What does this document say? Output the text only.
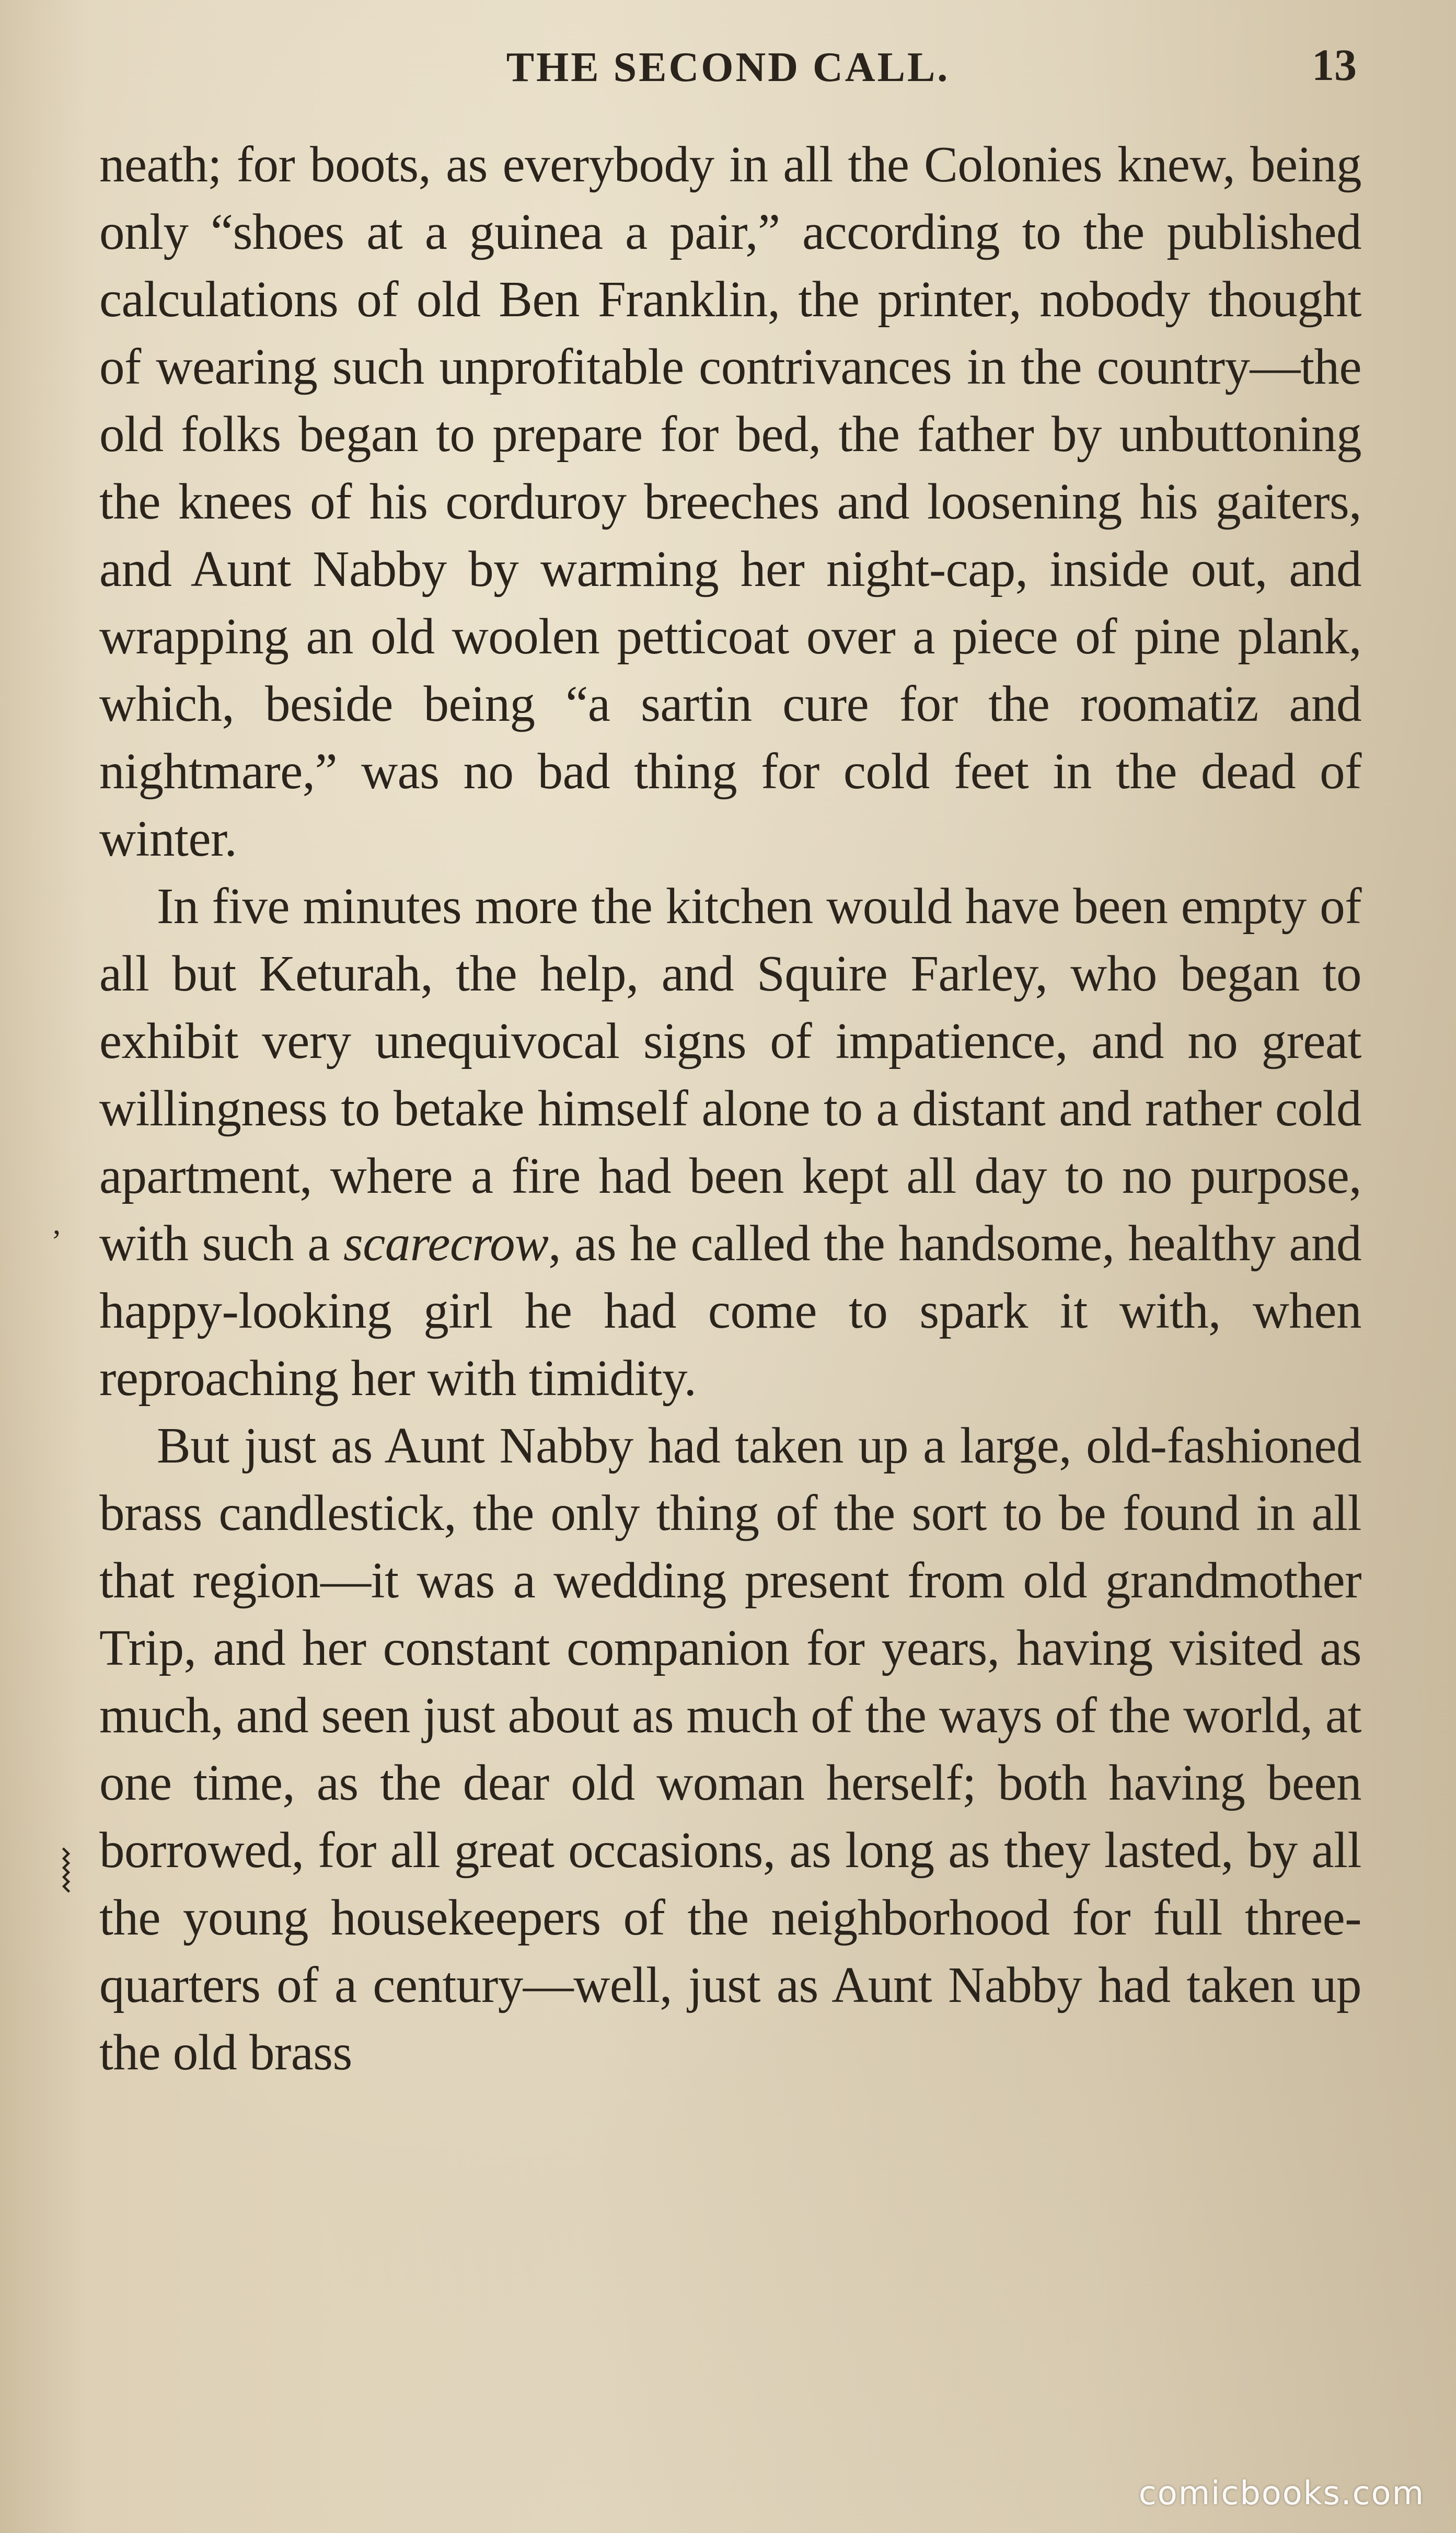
THE SECOND CALL.	13

neath; for boots, as everybody in all the Colonies knew, being only “shoes at a guinea a pair,” according to the published calculations of old Ben Franklin, the printer, nobody thought of wearing such unprofitable contrivances in the country—the old folks began to prepare for bed, the father by unbuttoning the knees of his corduroy breeches and loosening his gaiters, and Aunt Nabby by warming her night-cap, inside out, and wrapping an old woolen petticoat over a piece of pine plank, which, beside being “a sartin cure for the roomatiz and nightmare,” was no bad thing for cold feet in the dead of winter.

In five minutes more the kitchen would have been empty of all but Keturah, the help, and Squire Farley, who began to exhibit very unequivocal signs of impatience, and no great willingness to betake himself alone to a distant and rather cold apartment, where a fire had been kept all day to no purpose, with such a scarecrow, as he called the handsome, healthy and happy-looking girl he had come to spark it with, when reproaching her with timidity.

But just as Aunt Nabby had taken up a large, old-fashioned brass candlestick, the only thing of the sort to be found in all that region—it was a wedding present from old grandmother Trip, and her constant companion for years, having visited as much, and seen just about as much of the ways of the world, at one time, as the dear old woman herself; both having been borrowed, for all great occasions, as long as they lasted, by all the young housekeepers of the neighborhood for full three-quarters of a century—well, just as Aunt Nabby had taken up the old brass

’
⦚
comicbooks.com
